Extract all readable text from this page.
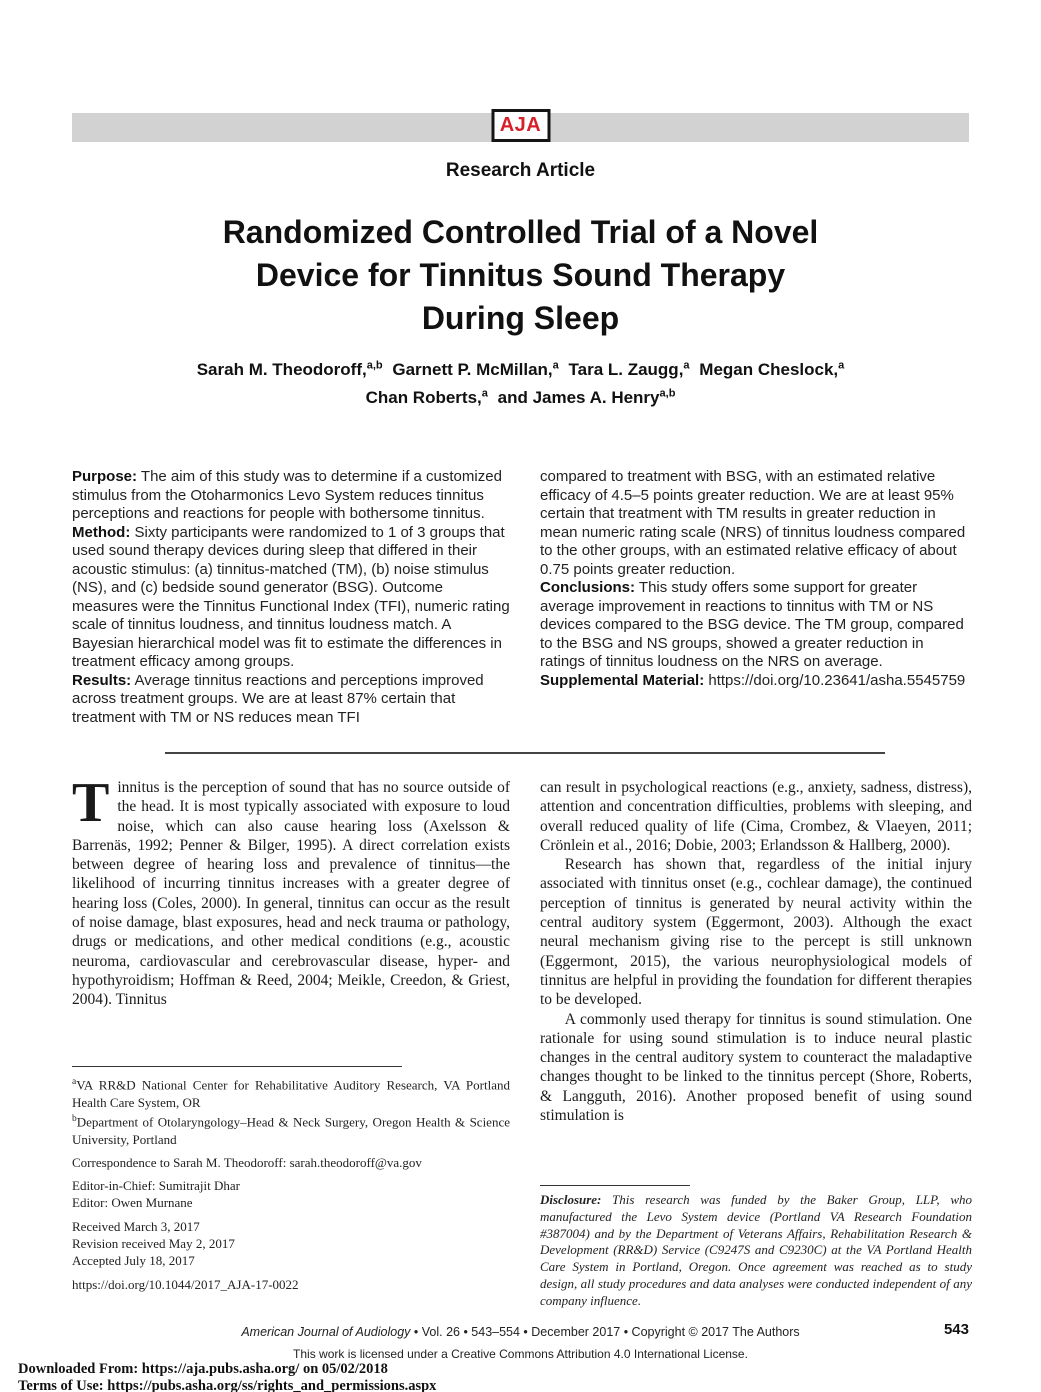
AJA
Research Article
Randomized Controlled Trial of a Novel
Device for Tinnitus Sound Therapy
During Sleep
Sarah M. Theodoroff,$^{a,b}$ Garnett P. McMillan,$^a$ Tara L. Zaugg,$^a$ Megan Cheslock,$^a$
Chan Roberts,$^a$ and James A. Henry$^{a,b}$

Purpose: The aim of this study was to determine if a customized stimulus from the Otoharmonics Levo System reduces tinnitus perceptions and reactions for people with bothersome tinnitus.

Method: Sixty participants were randomized to 1 of 3 groups that used sound therapy devices during sleep that differed in their acoustic stimulus: (a) tinnitus-matched (TM), (b) noise stimulus (NS), and (c) bedside sound generator (BSG). Outcome measures were the Tinnitus Functional Index (TFI), numeric rating scale of tinnitus loudness, and tinnitus loudness match. A Bayesian hierarchical model was fit to estimate the differences in treatment efficacy among groups.

Results: Average tinnitus reactions and perceptions improved across treatment groups. We are at least 87% certain that treatment with TM or NS reduces mean TFI

compared to treatment with BSG, with an estimated relative efficacy of 4.5–5 points greater reduction. We are at least 95% certain that treatment with TM results in greater reduction in mean numeric rating scale (NRS) of tinnitus loudness compared to the other groups, with an estimated relative efficacy of about 0.75 points greater reduction.

Conclusions: This study offers some support for greater average improvement in reactions to tinnitus with TM or NS devices compared to the BSG device. The TM group, compared to the BSG and NS groups, showed a greater reduction in ratings of tinnitus loudness on the NRS on average.

Supplemental Material: https://doi.org/10.23641/asha.5545759

Tinnitus is the perception of sound that has no source outside of the head. It is most typically associated with exposure to loud noise, which can also cause hearing loss (Axelsson & Barrenäs, 1992; Penner & Bilger, 1995). A direct correlation exists between degree of hearing loss and prevalence of tinnitus—the likelihood of incurring tinnitus increases with a greater degree of hearing loss (Coles, 2000). In general, tinnitus can occur as the result of noise damage, blast exposures, head and neck trauma or pathology, drugs or medications, and other medical conditions (e.g., acoustic neuroma, cardiovascular and cerebrovascular disease, hyper- and hypothyroidism; Hoffman & Reed, 2004; Meikle, Creedon, & Griest, 2004). Tinnitus

$^a$VA RR&D National Center for Rehabilitative Auditory Research, VA Portland Health Care System, OR

$^b$Department of Otolaryngology–Head & Neck Surgery, Oregon Health & Science University, Portland

Correspondence to Sarah M. Theodoroff: sarah.theodoroff@va.gov

Editor-in-Chief: Sumitrajit Dhar

Editor: Owen Murnane

Received March 3, 2017

Revision received May 2, 2017

Accepted July 18, 2017

https://doi.org/10.1044/2017_AJA-17-0022

can result in psychological reactions (e.g., anxiety, sadness, distress), attention and concentration difficulties, problems with sleeping, and overall reduced quality of life (Cima, Crombez, & Vlaeyen, 2011; Crönlein et al., 2016; Dobie, 2003; Erlandsson & Hallberg, 2000).

Research has shown that, regardless of the initial injury associated with tinnitus onset (e.g., cochlear damage), the continued perception of tinnitus is generated by neural activity within the central auditory system (Eggermont, 2003). Although the exact neural mechanism giving rise to the percept is still unknown (Eggermont, 2015), the various neurophysiological models of tinnitus are helpful in providing the foundation for different therapies to be developed.

A commonly used therapy for tinnitus is sound stimulation. One rationale for using sound stimulation is to induce neural plastic changes in the central auditory system to counteract the maladaptive changes thought to be linked to the tinnitus percept (Shore, Roberts, & Langguth, 2016). Another proposed benefit of using sound stimulation is

Disclosure: This research was funded by the Baker Group, LLP, who manufactured the Levo System device (Portland VA Research Foundation #387004) and by the Department of Veterans Affairs, Rehabilitation Research & Development (RR&D) Service (C9247S and C9230C) at the VA Portland Health Care System in Portland, Oregon. Once agreement was reached as to study design, all study procedures and data analyses were conducted independent of any company influence.

American Journal of Audiology • Vol. 26 • 543–554 • December 2017 • Copyright © 2017 The Authors	543
This work is licensed under a Creative Commons Attribution 4.0 International License.
Downloaded From: https://aja.pubs.asha.org/ on 05/02/2018
Terms of Use: https://pubs.asha.org/ss/rights_and_permissions.aspx
